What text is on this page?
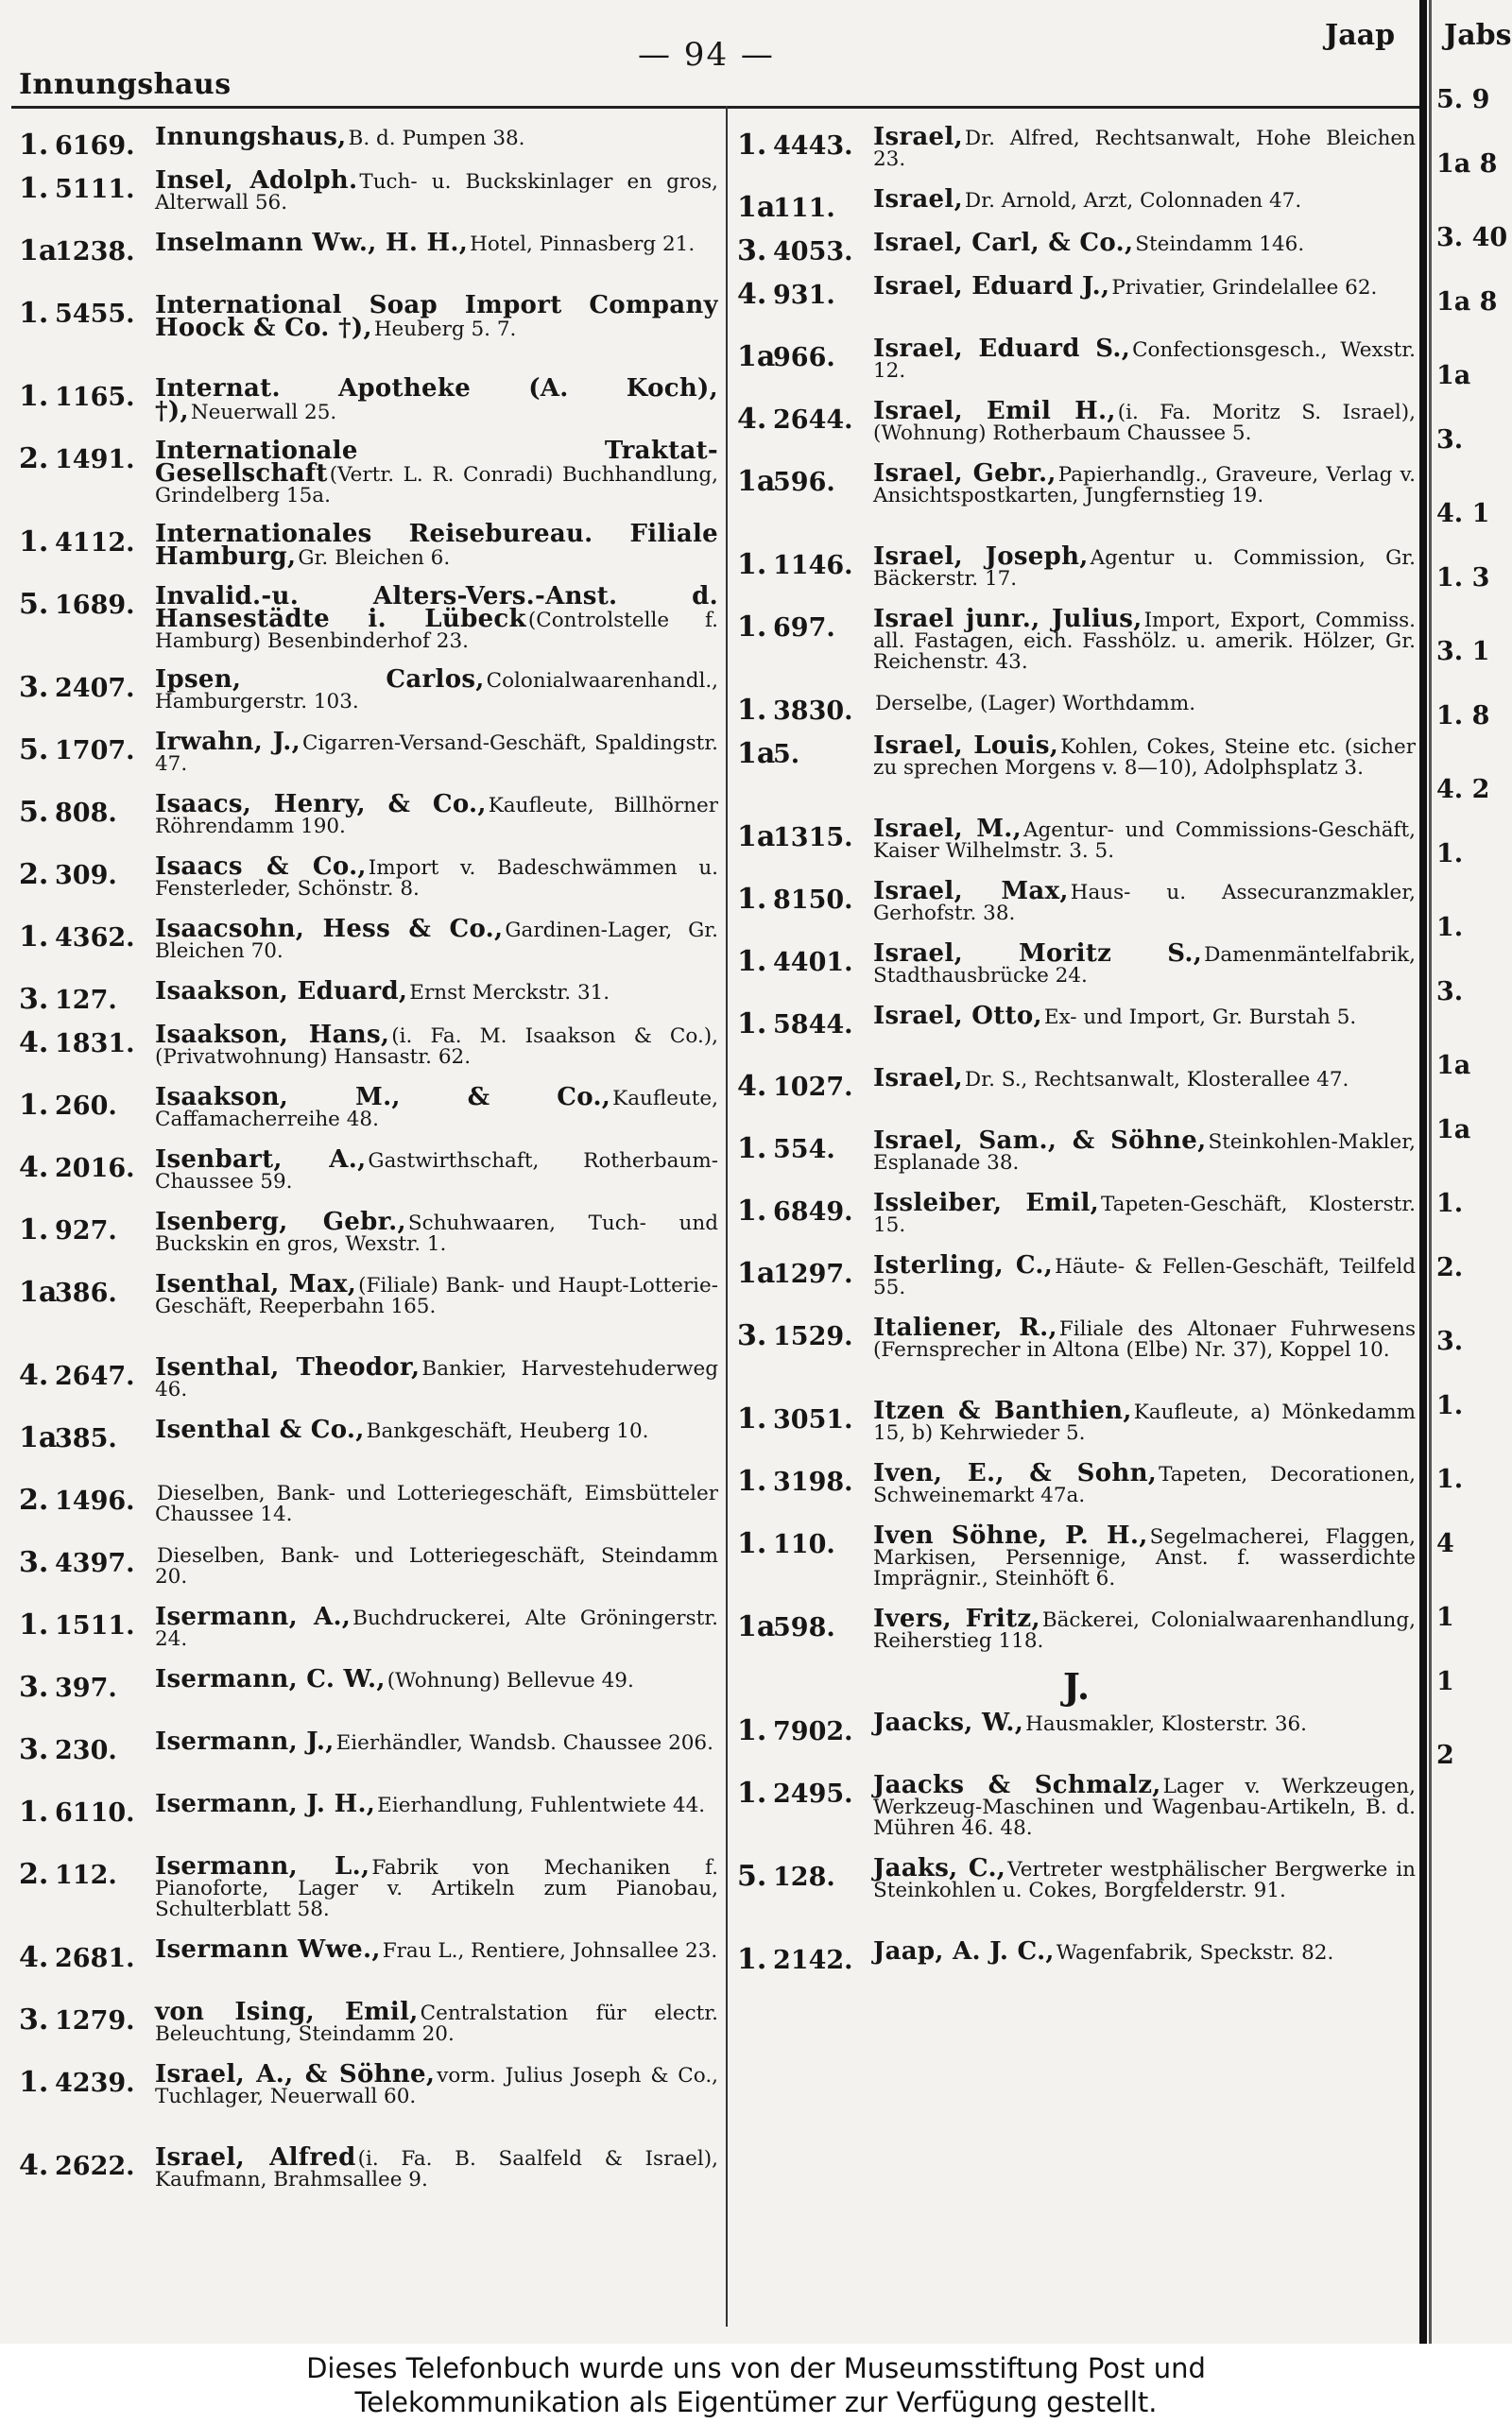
Innungshaus
— 94 —
Jaap Jabs
1. 6169. Innungshaus,B. d. Pumpen 38.
1. 5111. Insel, Adolph.Tuch- u. Buckskinlager en gros, Alterwall 56.
1a1238. Inselmann Ww., H. H.,Hotel, Pinnasberg 21.
1. 5455. International Soap Import Company Hoock & Co. †),Heuberg 5. 7.
1. 1165. Internat. Apotheke (A. Koch), †),Neuerwall 25.
2. 1491. Internationale Traktat-Gesellschaft(Vertr. L. R. Conradi) Buchhandlung, Grindelberg 15a.
1. 4112. Internationales Reisebureau. Filiale Hamburg,Gr. Bleichen 6.
5. 1689. Invalid.-u. Alters-Vers.-Anst. d. Hansestädte i. Lübeck(Controlstelle f. Hamburg) Besenbinderhof 23.
3. 2407. Ipsen, Carlos,Colonialwaarenhandl., Hamburgerstr. 103.
5. 1707. Irwahn, J.,Cigarren-Versand-Geschäft, Spaldingstr. 47.
5. 808.	Isaacs, Henry, & Co.,Kaufleute, Billhörner Röhrendamm 190.
2. 309.	Isaacs & Co.,Import v. Badeschwämmen u. Fensterleder, Schönstr. 8.
1. 4362. Isaacsohn, Hess & Co.,Gardinen-Lager, Gr. Bleichen 70.
3. 127.	Isaakson, Eduard,Ernst Merckstr. 31.
4. 1831. Isaakson, Hans,(i. Fa. M. Isaakson & Co.), (Privatwohnung) Hansastr. 62.
1. 260.	Isaakson, M., & Co.,Kaufleute, Caffamacherreihe 48.
4. 2016. Isenbart, A.,Gastwirthschaft, Rotherbaum-Chaussee 59.
1. 927.	Isenberg, Gebr.,Schuhwaaren, Tuch- und Buckskin en gros, Wexstr. 1.
1a386.	Isenthal, Max,(Filiale) Bank- und Haupt-Lotterie-Geschäft, Reeperbahn 165.
4. 2647. Isenthal, Theodor,Bankier, Harvestehuderweg 46.
1a385.	Isenthal & Co.,Bankgeschäft, Heuberg 10.
2. 1496.	Dieselben, Bank- und Lotteriegeschäft, Eimsbütteler Chaussee 14.
3. 4397.	Dieselben, Bank- und Lotteriegeschäft, Steindamm 20.
1. 1511. Isermann, A.,Buchdruckerei, Alte Gröningerstr. 24.
3. 397.	Isermann, C. W.,(Wohnung) Bellevue 49.
3. 230.	Isermann, J.,Eierhändler, Wandsb. Chaussee 206.
1. 6110. Isermann, J. H.,Eierhandlung, Fuhlentwiete 44.
2. 112.	Isermann, L.,Fabrik von Mechaniken f. Pianoforte, Lager v. Artikeln zum Pianobau, Schulterblatt 58.
4. 2681. Isermann Wwe.,Frau L., Rentiere, Johnsallee 23.
3. 1279. von Ising, Emil,Centralstation für electr. Beleuchtung, Steindamm 20.
1. 4239. Israel, A., & Söhne,vorm. Julius Joseph & Co., Tuchlager, Neuerwall 60.
4. 2622. Israel, Alfred(i. Fa. B. Saalfeld & Israel), Kaufmann, Brahmsallee 9.
1. 4443. Israel,Dr. Alfred, Rechtsanwalt, Hohe Bleichen 23.
1a111.	Israel,Dr. Arnold, Arzt, Colonnaden 47.
3. 4053. Israel, Carl, & Co.,Steindamm 146.
4. 931.	Israel, Eduard J.,Privatier, Grindelallee 62.
1a966.	Israel, Eduard S.,Confectionsgesch., Wexstr. 12.
4. 2644. Israel, Emil H.,(i. Fa. Moritz S. Israel), (Wohnung) Rotherbaum Chaussee 5.
1a596.	Israel, Gebr.,Papierhandlg., Graveure, Verlag v. Ansichtspostkarten, Jungfernstieg 19.
1. 1146. Israel, Joseph,Agentur u. Commission, Gr. Bäckerstr. 17.
1. 697.	Israel junr., Julius,Import, Export, Commiss. all. Fastagen, eich. Fasshölz. u. amerik. Hölzer, Gr. Reichenstr. 43.
1. 3830.	Derselbe, (Lager) Worthdamm.
1a5.	Israel, Louis,Kohlen, Cokes, Steine etc. (sicher zu sprechen Morgens v. 8—10), Adolphsplatz 3.
1a1315. Israel, M.,Agentur- und Commissions-Geschäft, Kaiser Wilhelmstr. 3. 5.
1. 8150. Israel, Max,Haus- u. Assecuranzmakler, Gerhofstr. 38.
1. 4401. Israel, Moritz S.,Damenmäntelfabrik, Stadthausbrücke 24.
1. 5844. Israel, Otto,Ex- und Import, Gr. Burstah 5.
4. 1027. Israel,Dr. S., Rechtsanwalt, Klosterallee 47.
1. 554.	Israel, Sam., & Söhne,Steinkohlen-Makler, Esplanade 38.
1. 6849. Issleiber, Emil,Tapeten-Geschäft, Klosterstr. 15.
1a1297. Isterling, C.,Häute- & Fellen-Geschäft, Teilfeld 55.
3. 1529. Italiener, R.,Filiale des Altonaer Fuhrwesens (Fernsprecher in Altona (Elbe) Nr. 37), Koppel 10.
1. 3051. Itzen & Banthien,Kaufleute, a) Mönkedamm 15, b) Kehrwieder 5.
1. 3198. Iven, E., & Sohn,Tapeten, Decorationen, Schweinemarkt 47a.
1. 110.	Iven Söhne, P. H.,Segelmacherei, Flaggen, Markisen, Persennige, Anst. f. wasserdichte Imprägnir., Steinhöft 6.
1a598.	Ivers, Fritz,Bäckerei, Colonialwaarenhandlung, Reiherstieg 118.
J.
1. 7902. Jaacks, W.,Hausmakler, Klosterstr. 36.
1. 2495. Jaacks & Schmalz,Lager v. Werkzeugen, Werkzeug-Maschinen und Wagenbau-Artikeln, B. d. Mühren 46. 48.
5. 128.	Jaaks, C.,Vertreter westphälischer Bergwerke in Steinkohlen u. Cokes, Borgfelderstr. 91.
1. 2142. Jaap, A. J. C.,Wagenfabrik, Speckstr. 82.
5. 9
1a 8
3. 40
1a 8
1a
3.
4. 1
1. 3
3. 1
1. 8
4. 2
1.
1.
3.
1a
1a
1.
2.
3.
1.
1.
4
1
1
2
Dieses Telefonbuch wurde uns von der Museumsstiftung Post und
Telekommunikation als Eigentümer zur Verfügung gestellt.
